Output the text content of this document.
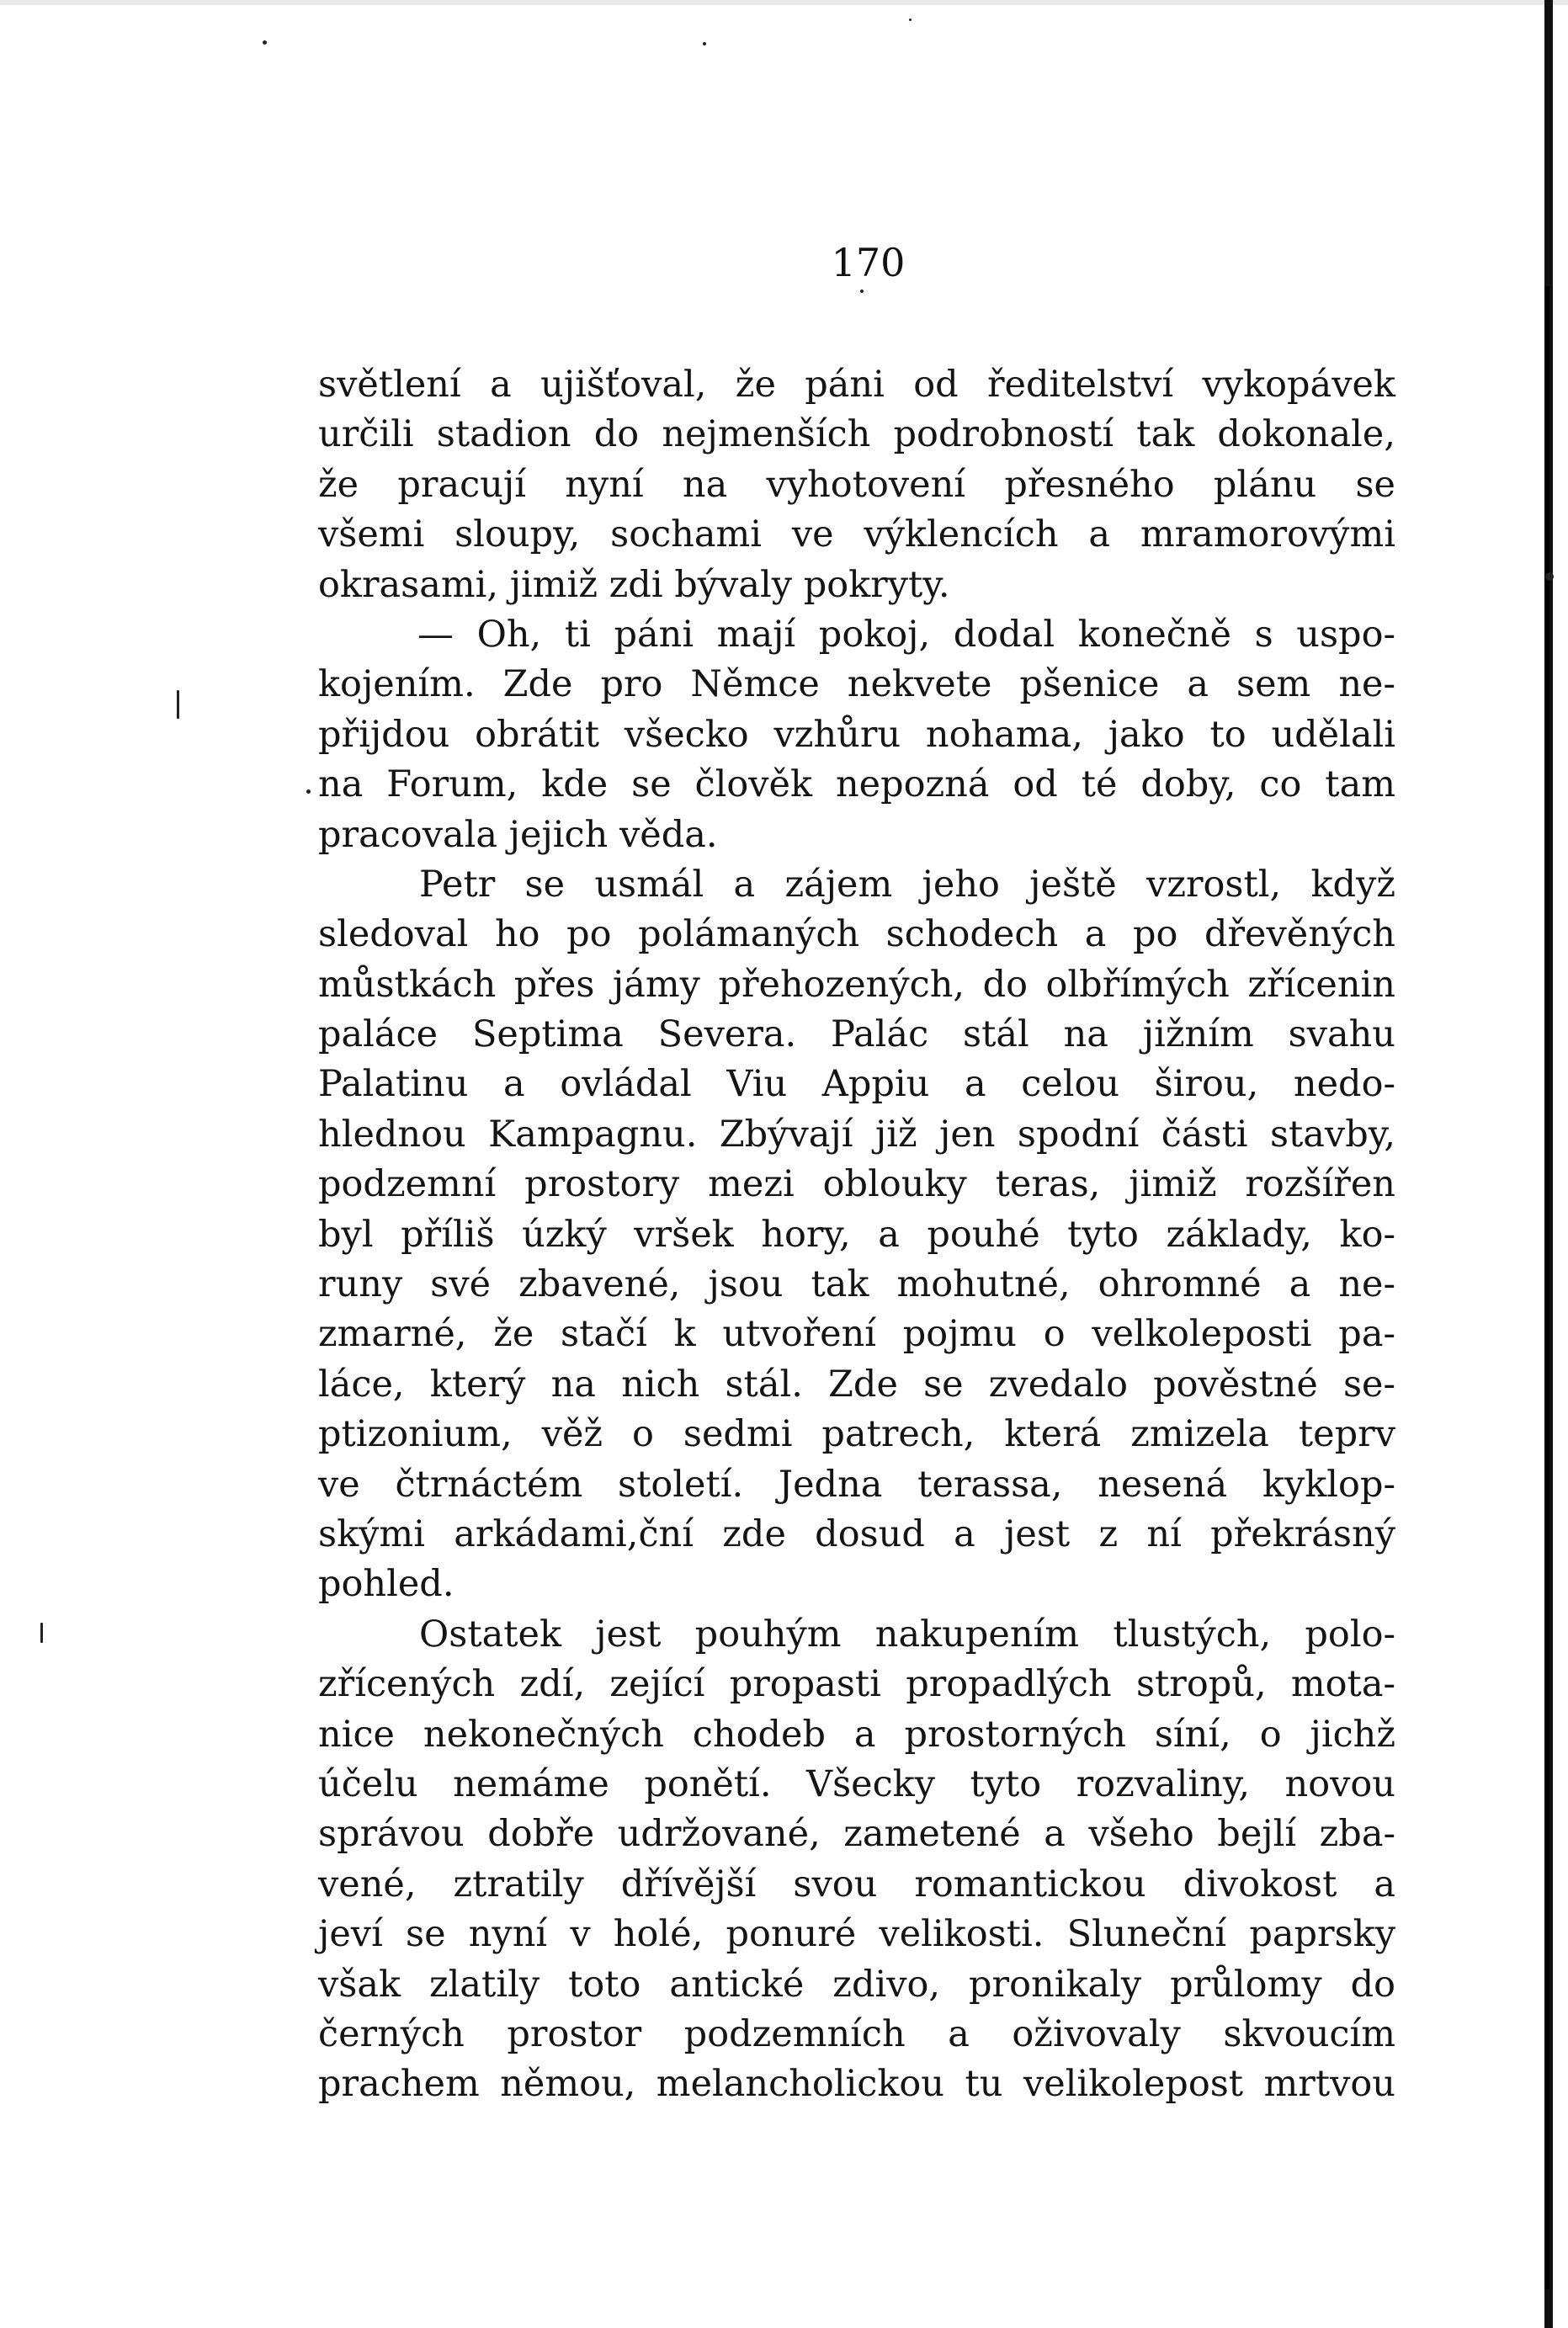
170
světlení a ujišťoval, že páni od ředitelství vykopávek
určili stadion do nejmenších podrobností tak dokonale,
že pracují nyní na vyhotovení přesného plánu se
všemi sloupy, sochami ve výklencích a mramorovými
okrasami, jimiž zdi bývaly pokryty.
— Oh, ti páni mají pokoj, dodal konečně s uspo-
kojením. Zde pro Němce nekvete pšenice a sem ne-
přijdou obrátit všecko vzhůru nohama, jako to udělali
na Forum, kde se člověk nepozná od té doby, co tam
pracovala jejich věda.
Petr se usmál a zájem jeho ještě vzrostl, když
sledoval ho po polámaných schodech a po dřevěných
můstkách přes jámy přehozených, do olbřímých zřícenin
paláce Septima Severa. Palác stál na jižním svahu
Palatinu a ovládal Viu Appiu a celou širou, nedo-
hlednou Kampagnu. Zbývají již jen spodní části stavby,
podzemní prostory mezi oblouky teras, jimiž rozšířen
byl příliš úzký vršek hory, a pouhé tyto základy, ko-
runy své zbavené, jsou tak mohutné, ohromné a ne-
zmarné, že stačí k utvoření pojmu o velkoleposti pa-
láce, který na nich stál. Zde se zvedalo pověstné se-
ptizonium, věž o sedmi patrech, která zmizela teprv
ve čtrnáctém století. Jedna terassa, nesená kyklop-
skými arkádami,ční zde dosud a jest z ní překrásný
pohled.
Ostatek jest pouhým nakupením tlustých, polo-
zřícených zdí, zející propasti propadlých stropů, mota-
nice nekonečných chodeb a prostorných síní, o jichž
účelu nemáme ponětí. Všecky tyto rozvaliny, novou
správou dobře udržované, zametené a všeho bejlí zba-
vené, ztratily dřívější svou romantickou divokost a
jeví se nyní v holé, ponuré velikosti. Sluneční paprsky
však zlatily toto antické zdivo, pronikaly průlomy do
černých prostor podzemních a oživovaly skvoucím
prachem němou, melancholickou tu velikolepost mrtvou
